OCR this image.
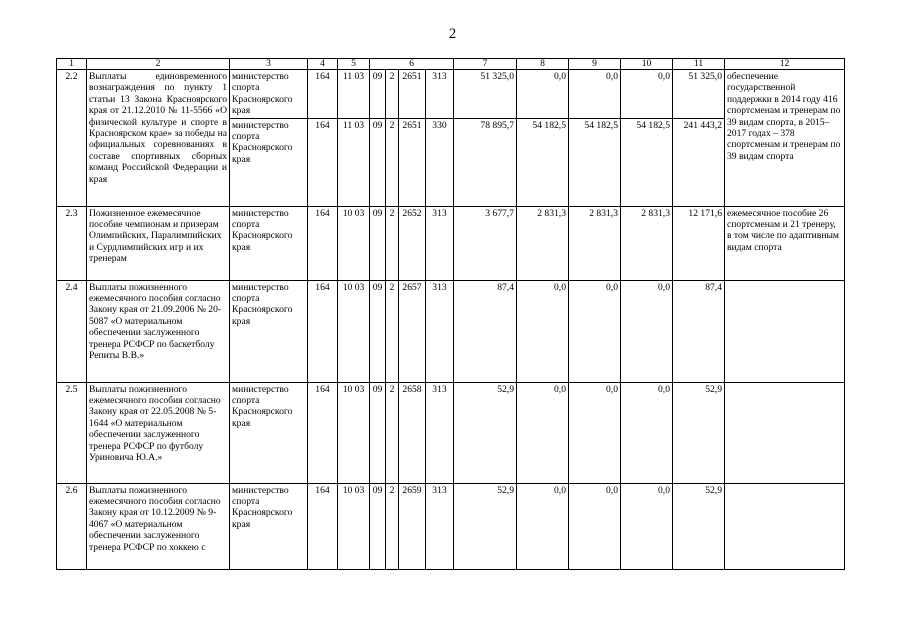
2
1	2	3	4	5	6				7	8	9	10	11	12
2.2	Выплаты единовременного вознаграждения по пункту 1 статьи 13 Закона Красноярского края от 21.12.2010 № 11-5566 «О физической культуре и спорте в Красноярском крае» за победы на официальных соревнованиях в составе спортивных сборных команд Российской Федерации и края	министерство спорта Красноярского края	164	11 03	09	2	2651	313	51 325,0	0,0	0,0	0,0	51 325,0	обеспечение государственной поддержки в 2014 году 416 спортсменам и тренерам по 39 видам спорта, в 2015–2017 годах – 378 спортсменам и тренерам по 39 видам спорта
		министерство спорта Красноярского края	164	11 03	09	2	2651	330	78 895,7	54 182,5	54 182,5	54 182,5	241 443,2	
2.3	Пожизненное ежемесячное пособие чемпионам и призерам Олимпийских, Паралимпийских и Сурдлимпийских игр и их тренерам	министерство спорта Красноярского края	164	10 03	09	2	2652	313	3 677,7	2 831,3	2 831,3	2 831,3	12 171,6	ежемесячное пособие 26 спортсменам и 21 тренеру, в том числе по адаптивным видам спорта
2.4	Выплаты пожизненного ежемесячного пособия согласно Закону края от 21.09.2006 № 20-5087 «О материальном обеспечении заслуженного тренера РСФСР по баскетболу Репиты В.В.»	министерство спорта Красноярского края	164	10 03	09	2	2657	313	87,4	0,0	0,0	0,0	87,4	
2.5	Выплаты пожизненного ежемесячного пособия согласно Закону края от 22.05.2008 № 5-1644 «О материальном обеспечении заслуженного тренера РСФСР по футболу Уриновича Ю.А.»	министерство спорта Красноярского края	164	10 03	09	2	2658	313	52,9	0,0	0,0	0,0	52,9	
2.6	Выплаты пожизненного ежемесячного пособия согласно Закону края от 10.12.2009 № 9-4067 «О материальном обеспечении заслуженного тренера РСФСР по хоккею с	министерство спорта Красноярского края	164	10 03	09	2	2659	313	52,9	0,0	0,0	0,0	52,9	
